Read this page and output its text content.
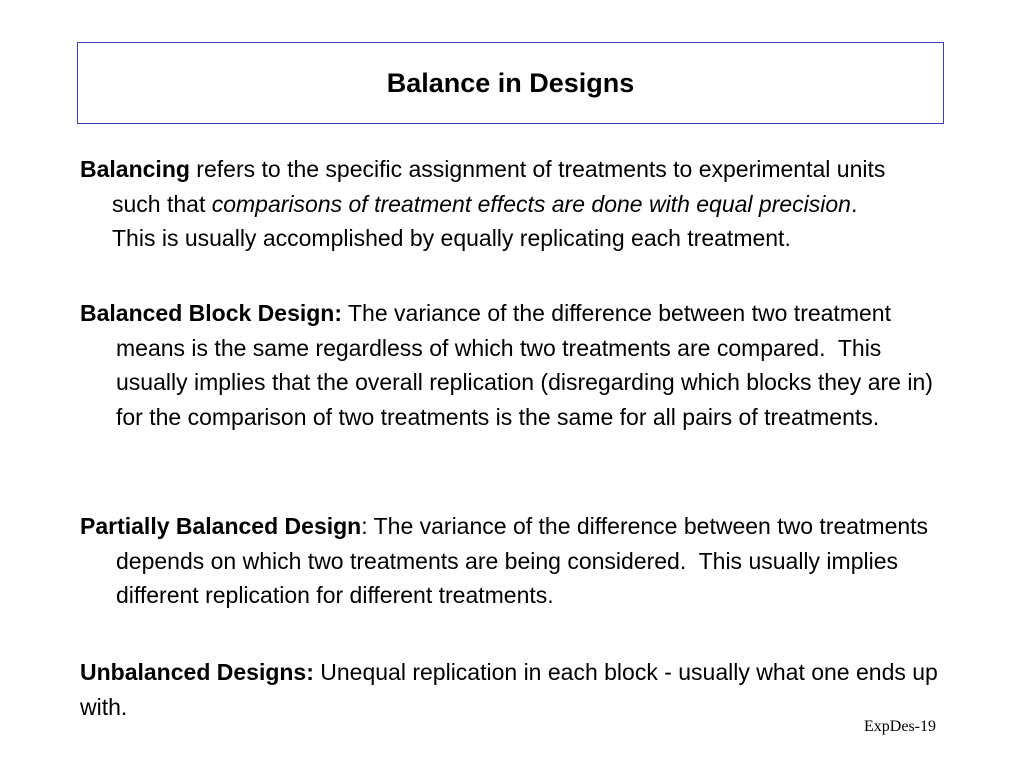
Balance in Designs

Balancing refers to the specific assignment of treatments to experimental units such that comparisons of treatment effects are done with equal precision.  This is usually accomplished by equally replicating each treatment.

Balanced Block Design: The variance of the difference between two treatment means is the same regardless of which two treatments are compared.  This usually implies that the overall replication (disregarding which blocks they are in) for the comparison of two treatments is the same for all pairs of treatments.

Partially Balanced Design: The variance of the difference between two treatments depends on which two treatments are being considered.  This usually implies different replication for different treatments.

Unbalanced Designs: Unequal replication in each block - usually what one ends up with.

ExpDes-19
